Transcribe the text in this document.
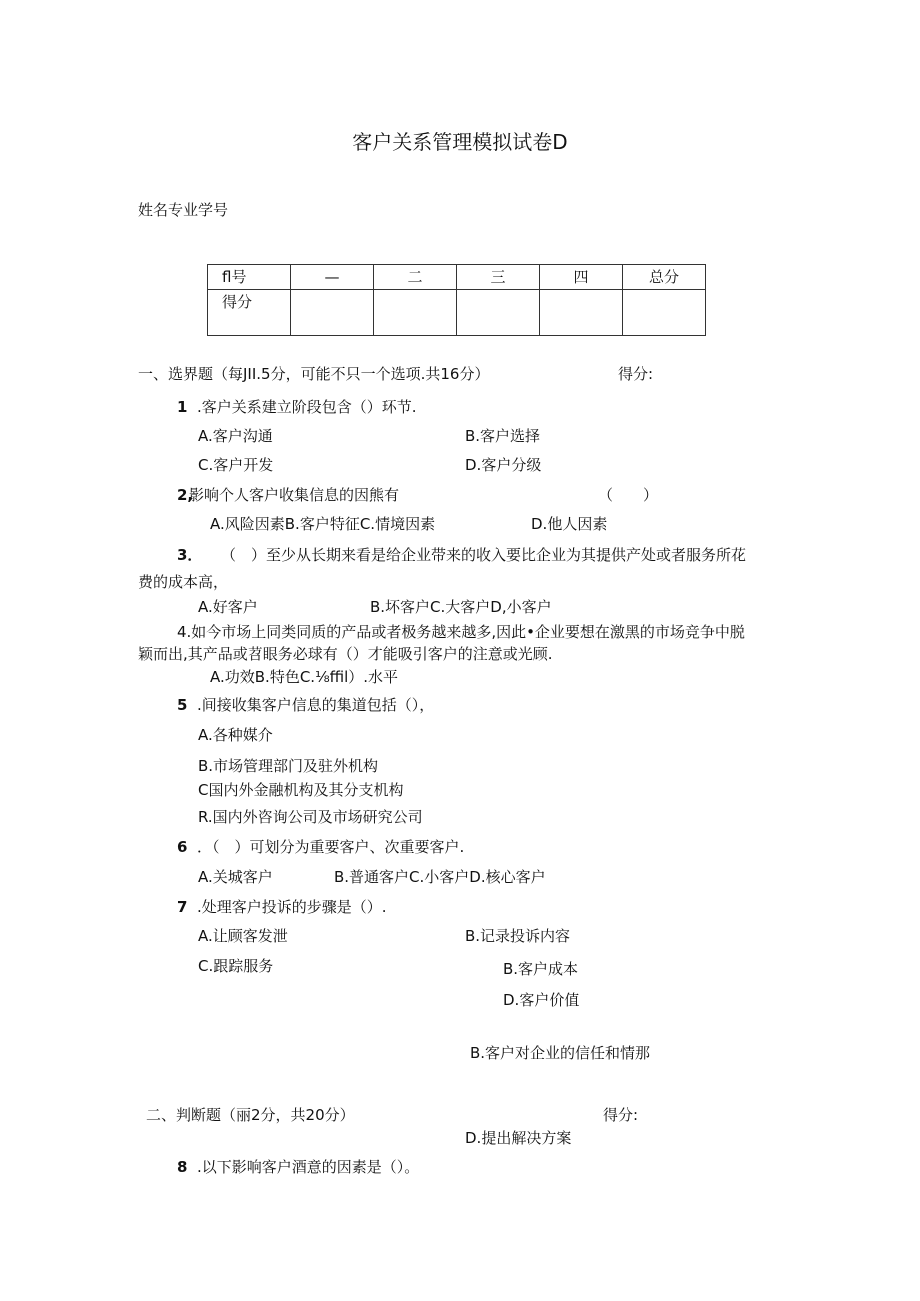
客户关系管理模拟试卷D
姓名专业学号
fl号	—	二	三	四	总分
得分					
一、选界题（每JII.5分，可能不只一个选项.共16分）	得分:
1 .客户关系建立阶段包含（）环节.
A.客户沟通	B.客户选择
C.客户开发	D.客户分级
2,
影响个人客户收集信息的因熊有	（　　）
A.风险因素B.客户特征C.情境因素	D.他人因素
3． （　）至少从长期来看是给企业带来的收入要比企业为其提供产处或者服务所花
费的成本高，
A.好客户	B.坏客户C.大客户D,小客户
4.如今市场上同类同质的产品或者极务越来越多,因此•企业要想在激黑的市场竞争中脱
颖而出,其产品或苕眼务必球有（）才能吸引客户的注意或光顾.
A.功效B.特色C.⅛ffil）.水平
5 .间接收集客户信息的集道包括（），
A.各种媒介
B.市场管理部门及驻外机构
C国内外金融机构及其分支机构
R.国内外咨询公司及市场研究公司
6 ．（　）可划分为重要客户、次重要客户.
A.关城客户	B.普通客户C.小客户D.核心客户
7 .处理客户投诉的步骤是（）.
A.让顾客发泄	B.记录投诉内容
C.跟踪服务	B.客户成本
D.客户价值
B.客户对企业的信任和情那
二、判断题（丽2分，共20分）	得分:
D.提出解决方案
8 .以下影响客户酒意的因素是（）。
